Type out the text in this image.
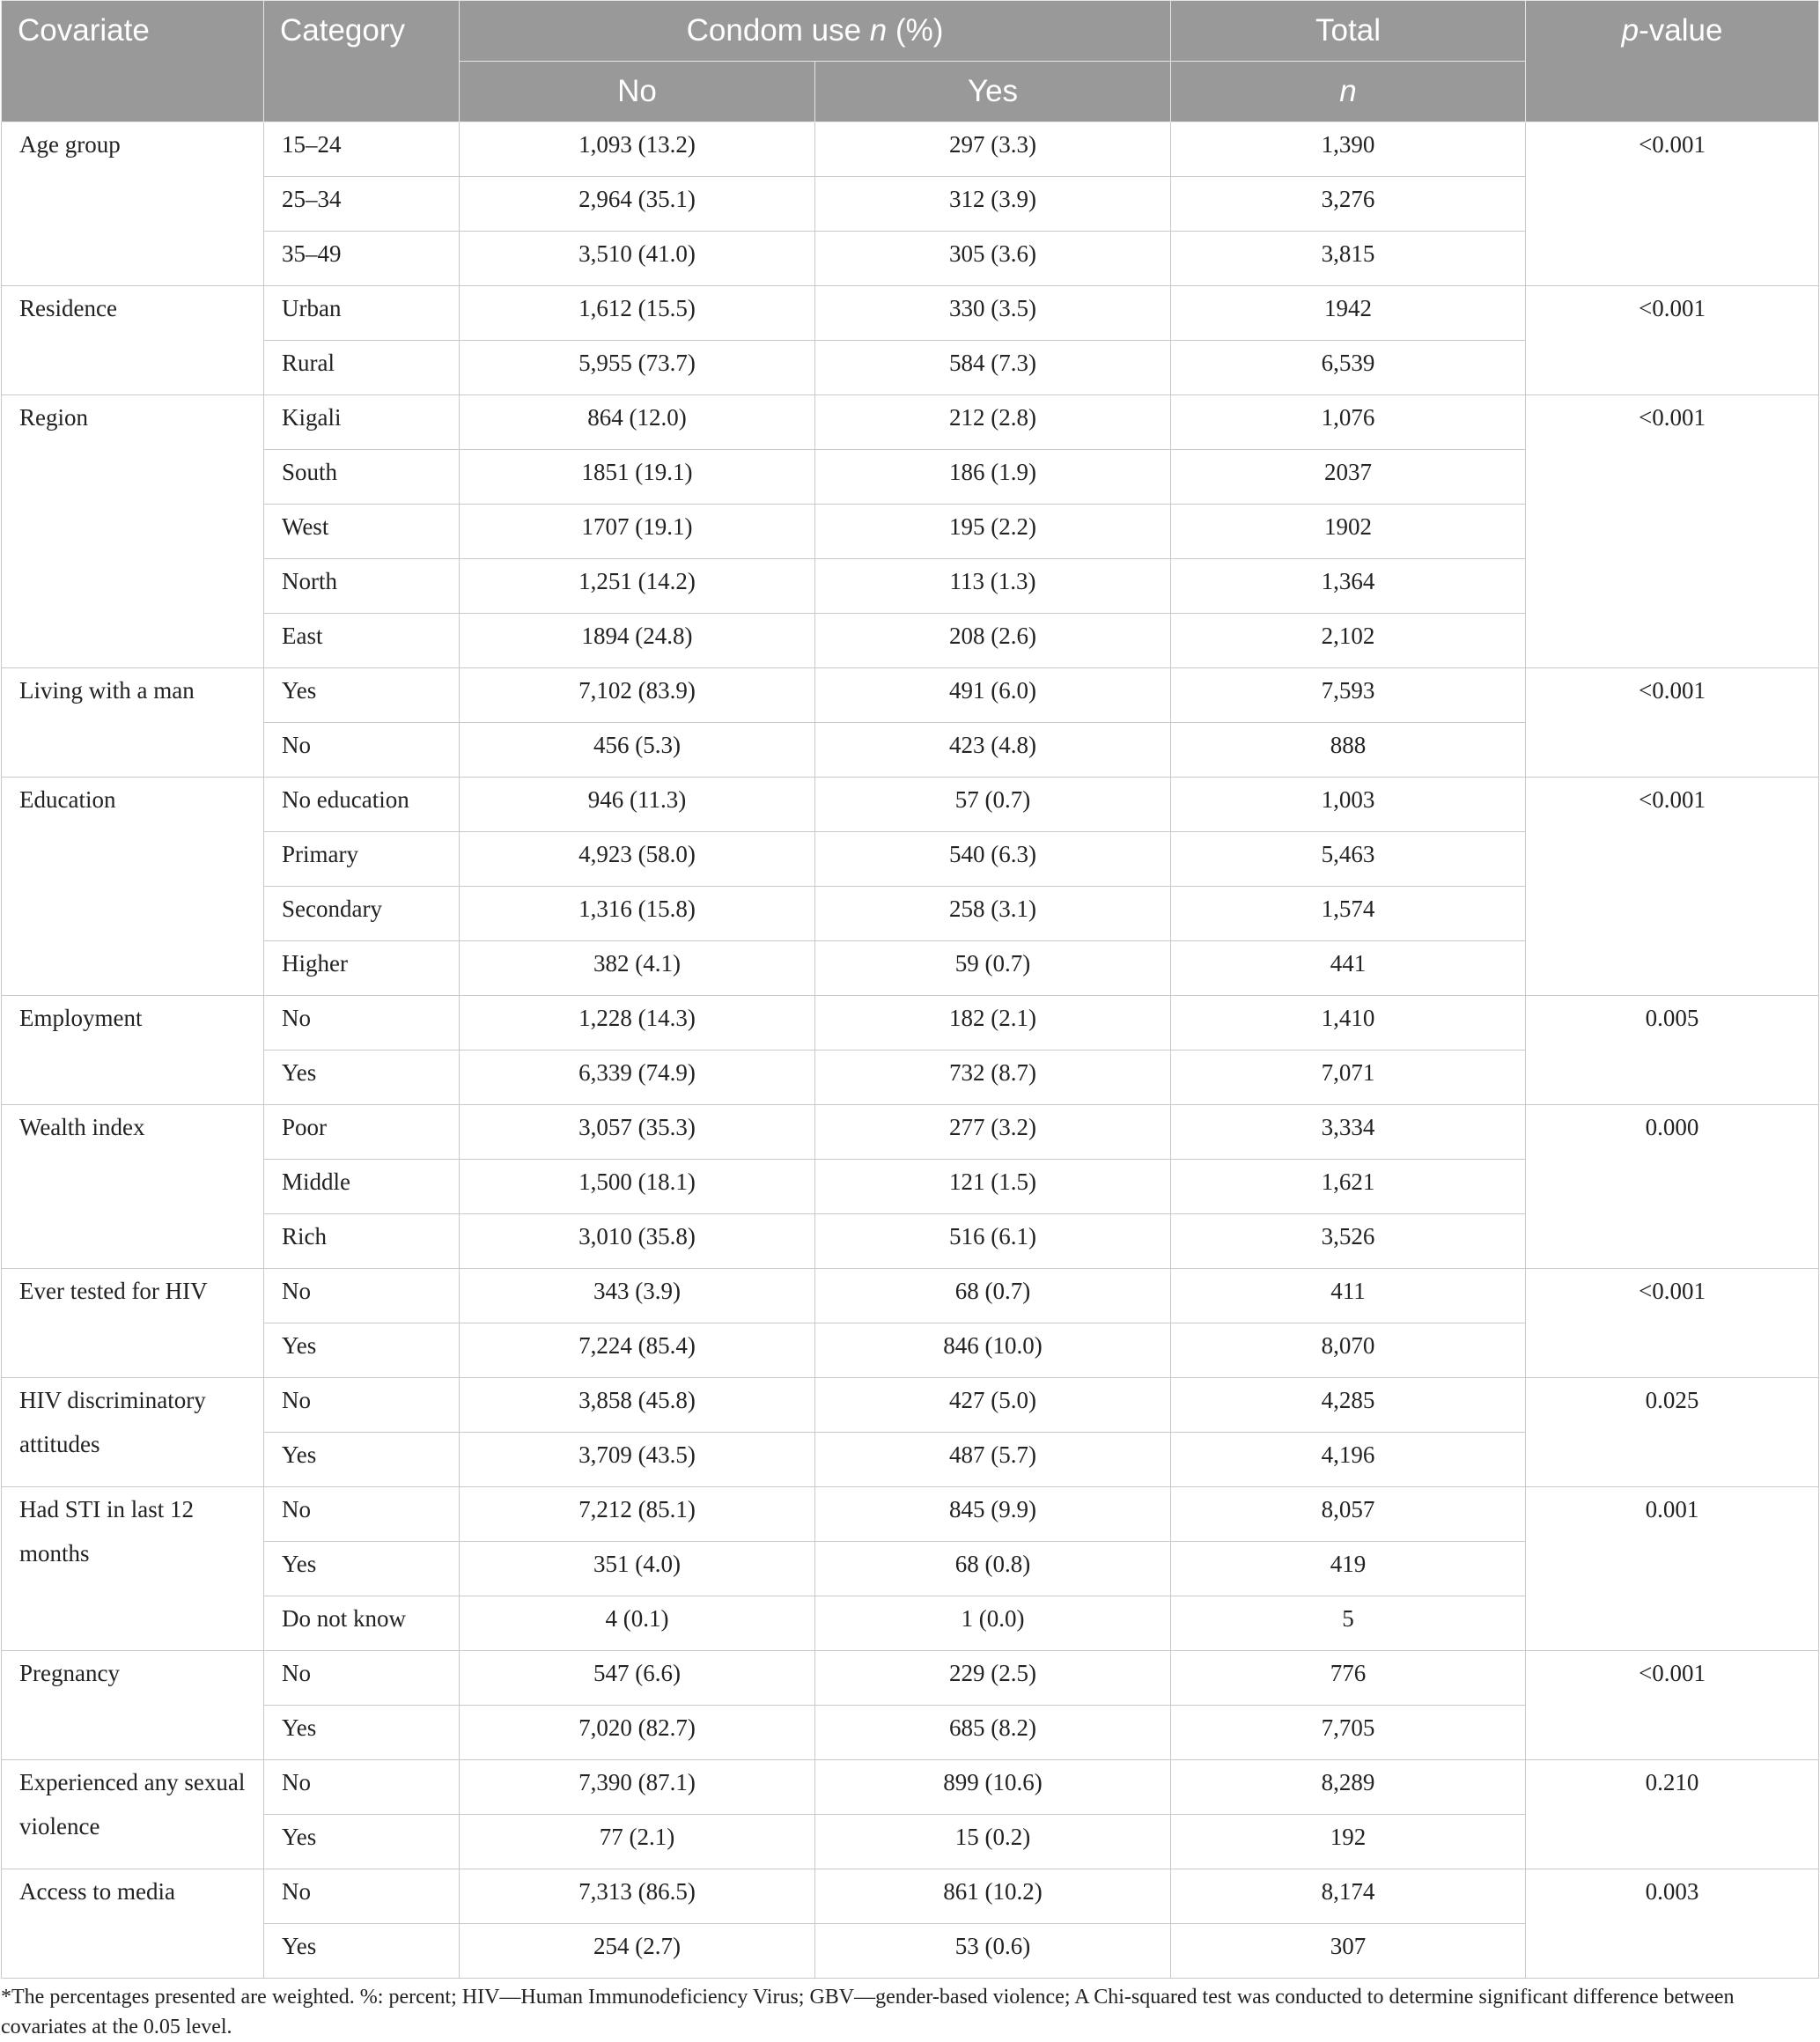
Covariate	Category	Condom use n (%)		Total	p-value
		No	Yes	n	
Age group	15–24	1,093 (13.2)	297 (3.3)	1,390	<0.001
	25–34	2,964 (35.1)	312 (3.9)	3,276	
	35–49	3,510 (41.0)	305 (3.6)	3,815	
Residence	Urban	1,612 (15.5)	330 (3.5)	1942	<0.001
	Rural	5,955 (73.7)	584 (7.3)	6,539	
Region	Kigali	864 (12.0)	212 (2.8)	1,076	<0.001
	South	1851 (19.1)	186 (1.9)	2037	
	West	1707 (19.1)	195 (2.2)	1902	
	North	1,251 (14.2)	113 (1.3)	1,364	
	East	1894 (24.8)	208 (2.6)	2,102	
Living with a man	Yes	7,102 (83.9)	491 (6.0)	7,593	<0.001
	No	456 (5.3)	423 (4.8)	888	
Education	No education	946 (11.3)	57 (0.7)	1,003	<0.001
	Primary	4,923 (58.0)	540 (6.3)	5,463	
	Secondary	1,316 (15.8)	258 (3.1)	1,574	
	Higher	382 (4.1)	59 (0.7)	441	
Employment	No	1,228 (14.3)	182 (2.1)	1,410	0.005
	Yes	6,339 (74.9)	732 (8.7)	7,071	
Wealth index	Poor	3,057 (35.3)	277 (3.2)	3,334	0.000
	Middle	1,500 (18.1)	121 (1.5)	1,621	
	Rich	3,010 (35.8)	516 (6.1)	3,526	
Ever tested for HIV	No	343 (3.9)	68 (0.7)	411	<0.001
	Yes	7,224 (85.4)	846 (10.0)	8,070	
HIV discriminatory attitudes	No	3,858 (45.8)	427 (5.0)	4,285	0.025
	Yes	3,709 (43.5)	487 (5.7)	4,196	
Had STI in last 12 months	No	7,212 (85.1)	845 (9.9)	8,057	0.001
	Yes	351 (4.0)	68 (0.8)	419	
	Do not know	4 (0.1)	1 (0.0)	5	
Pregnancy	No	547 (6.6)	229 (2.5)	776	<0.001
	Yes	7,020 (82.7)	685 (8.2)	7,705	
Experienced any sexual violence	No	7,390 (87.1)	899 (10.6)	8,289	0.210
	Yes	77 (2.1)	15 (0.2)	192	
Access to media	No	7,313 (86.5)	861 (10.2)	8,174	0.003
	Yes	254 (2.7)	53 (0.6)	307	
*The percentages presented are weighted. %: percent; HIV—Human Immunodeficiency Virus; GBV—gender-based violence; A Chi-squared test was conducted to determine significant difference between covariates at the 0.05 level.
